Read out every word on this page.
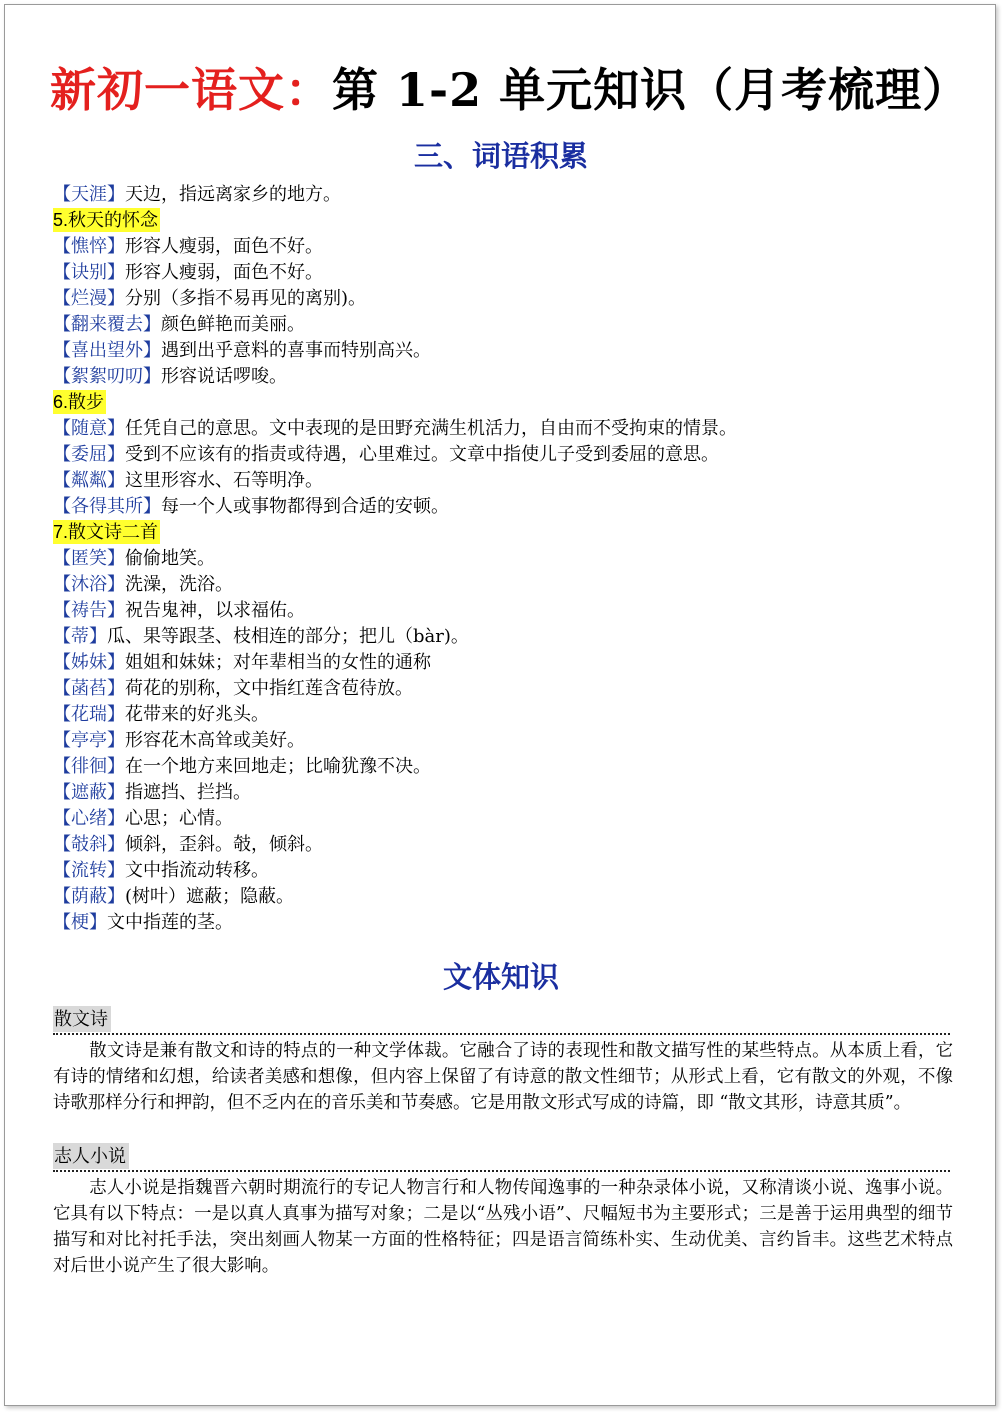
新初一语文：第 1-2 单元知识（月考梳理）
三、词语积累
【天涯】天边，指远离家乡的地方。
5.秋天的怀念
【憔悴】形容人瘦弱，面色不好。
【诀别】形容人瘦弱，面色不好。
【烂漫】分别（多指不易再见的离别)。
【翻来覆去】颜色鲜艳而美丽。
【喜出望外】遇到出乎意料的喜事而特别高兴。
【絮絮叨叨】形容说话啰唆。
6.散步
【随意】任凭自己的意思。文中表现的是田野充满生机活力，自由而不受拘束的情景。
【委屈】受到不应该有的指责或待遇，心里难过。文章中指使儿子受到委屈的意思。
【粼粼】这里形容水、石等明净。
【各得其所】每一个人或事物都得到合适的安顿。
7.散文诗二首
【匿笑】偷偷地笑。
【沐浴】洗澡，洗浴。
【祷告】祝告鬼神，以求福佑。
【蒂】瓜、果等跟茎、枝相连的部分；把儿（bàr)。
【姊妹】姐姐和妹妹；对年辈相当的女性的通称
【菡萏】荷花的别称，文中指红莲含苞待放。
【花瑞】花带来的好兆头。
【亭亭】形容花木高耸或美好。
【徘徊】在一个地方来回地走；比喻犹豫不决。
【遮蔽】指遮挡、拦挡。
【心绪】心思；心情。
【攲斜】倾斜，歪斜。攲，倾斜。
【流转】文中指流动转移。
【荫蔽】(树叶）遮蔽；隐蔽。
【梗】文中指莲的茎。
文体知识
散文诗
散文诗是兼有散文和诗的特点的一种文学体裁。它融合了诗的表现性和散文描写性的某些特点。从本质上看，它有诗的情绪和幻想，给读者美感和想像，但内容上保留了有诗意的散文性细节；从形式上看，它有散文的外观，不像诗歌那样分行和押韵，但不乏内在的音乐美和节奏感。它是用散文形式写成的诗篇，即 “散文其形，诗意其质”。
志人小说
志人小说是指魏晋六朝时期流行的专记人物言行和人物传闻逸事的一种杂录体小说，又称清谈小说、逸事小说。它具有以下特点：一是以真人真事为描写对象；二是以“丛残小语”、尺幅短书为主要形式；三是善于运用典型的细节描写和对比衬托手法，突出刻画人物某一方面的性格特征；四是语言简练朴实、生动优美、言约旨丰。这些艺术特点对后世小说产生了很大影响。
